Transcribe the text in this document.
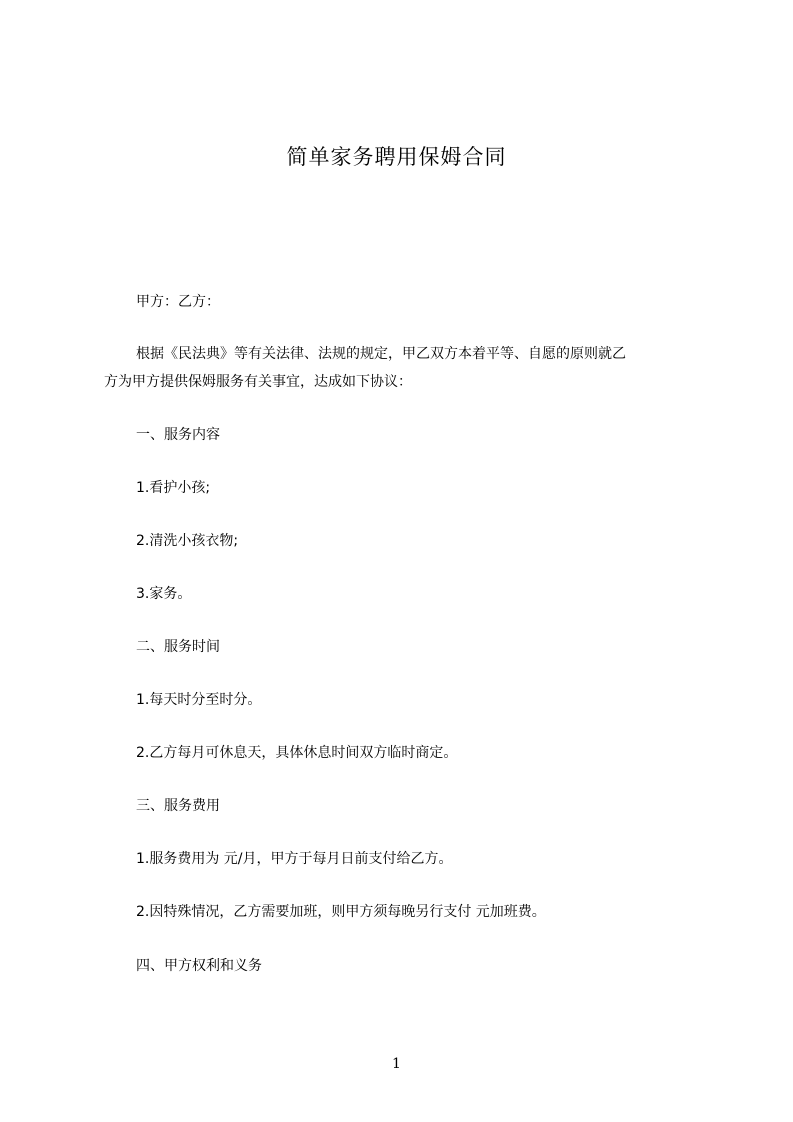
简单家务聘用保姆合同
甲方：乙方：
根据《民法典》等有关法律、法规的规定，甲乙双方本着平等、自愿的原则就乙
方为甲方提供保姆服务有关事宜，达成如下协议：
一、服务内容
1.看护小孩;
2.清洗小孩衣物;
3.家务。
二、服务时间
1.每天时分至时分。
2.乙方每月可休息天，具体休息时间双方临时商定。
三、服务费用
1.服务费用为 元/月，甲方于每月日前支付给乙方。
2.因特殊情况，乙方需要加班，则甲方须每晚另行支付 元加班费。
四、甲方权利和义务
1
